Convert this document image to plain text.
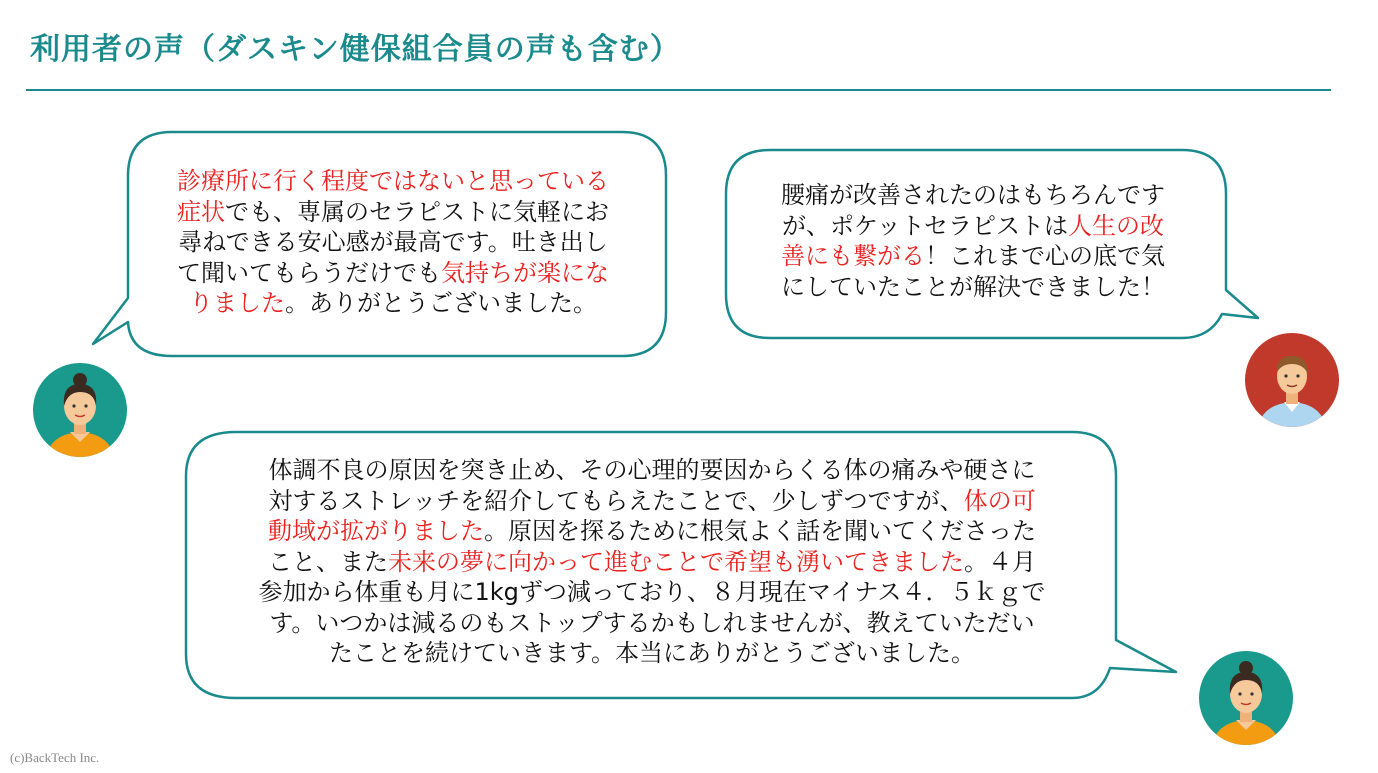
利用者の声（ダスキン健保組合員の声も含む）
診療所に行く程度ではないと思っている
症状でも、専属のセラピストに気軽にお
尋ねできる安心感が最高です。吐き出し
て聞いてもらうだけでも気持ちが楽にな
りました。ありがとうございました。
腰痛が改善されたのはもちろんです
が、ポケットセラピストは人生の改
善にも繋がる！これまで心の底で気
にしていたことが解決できました！
体調不良の原因を突き止め、その心理的要因からくる体の痛みや硬さに
対するストレッチを紹介してもらえたことで、少しずつですが、体の可
動域が拡がりました。原因を探るために根気よく話を聞いてくださった
こと、また未来の夢に向かって進むことで希望も湧いてきました。４月
参加から体重も月に1kgずつ減っており、８月現在マイナス４．５ｋｇで
す。いつかは減るのもストップするかもしれませんが、教えていただい
たことを続けていきます。本当にありがとうございました。
(c)BackTech Inc.
